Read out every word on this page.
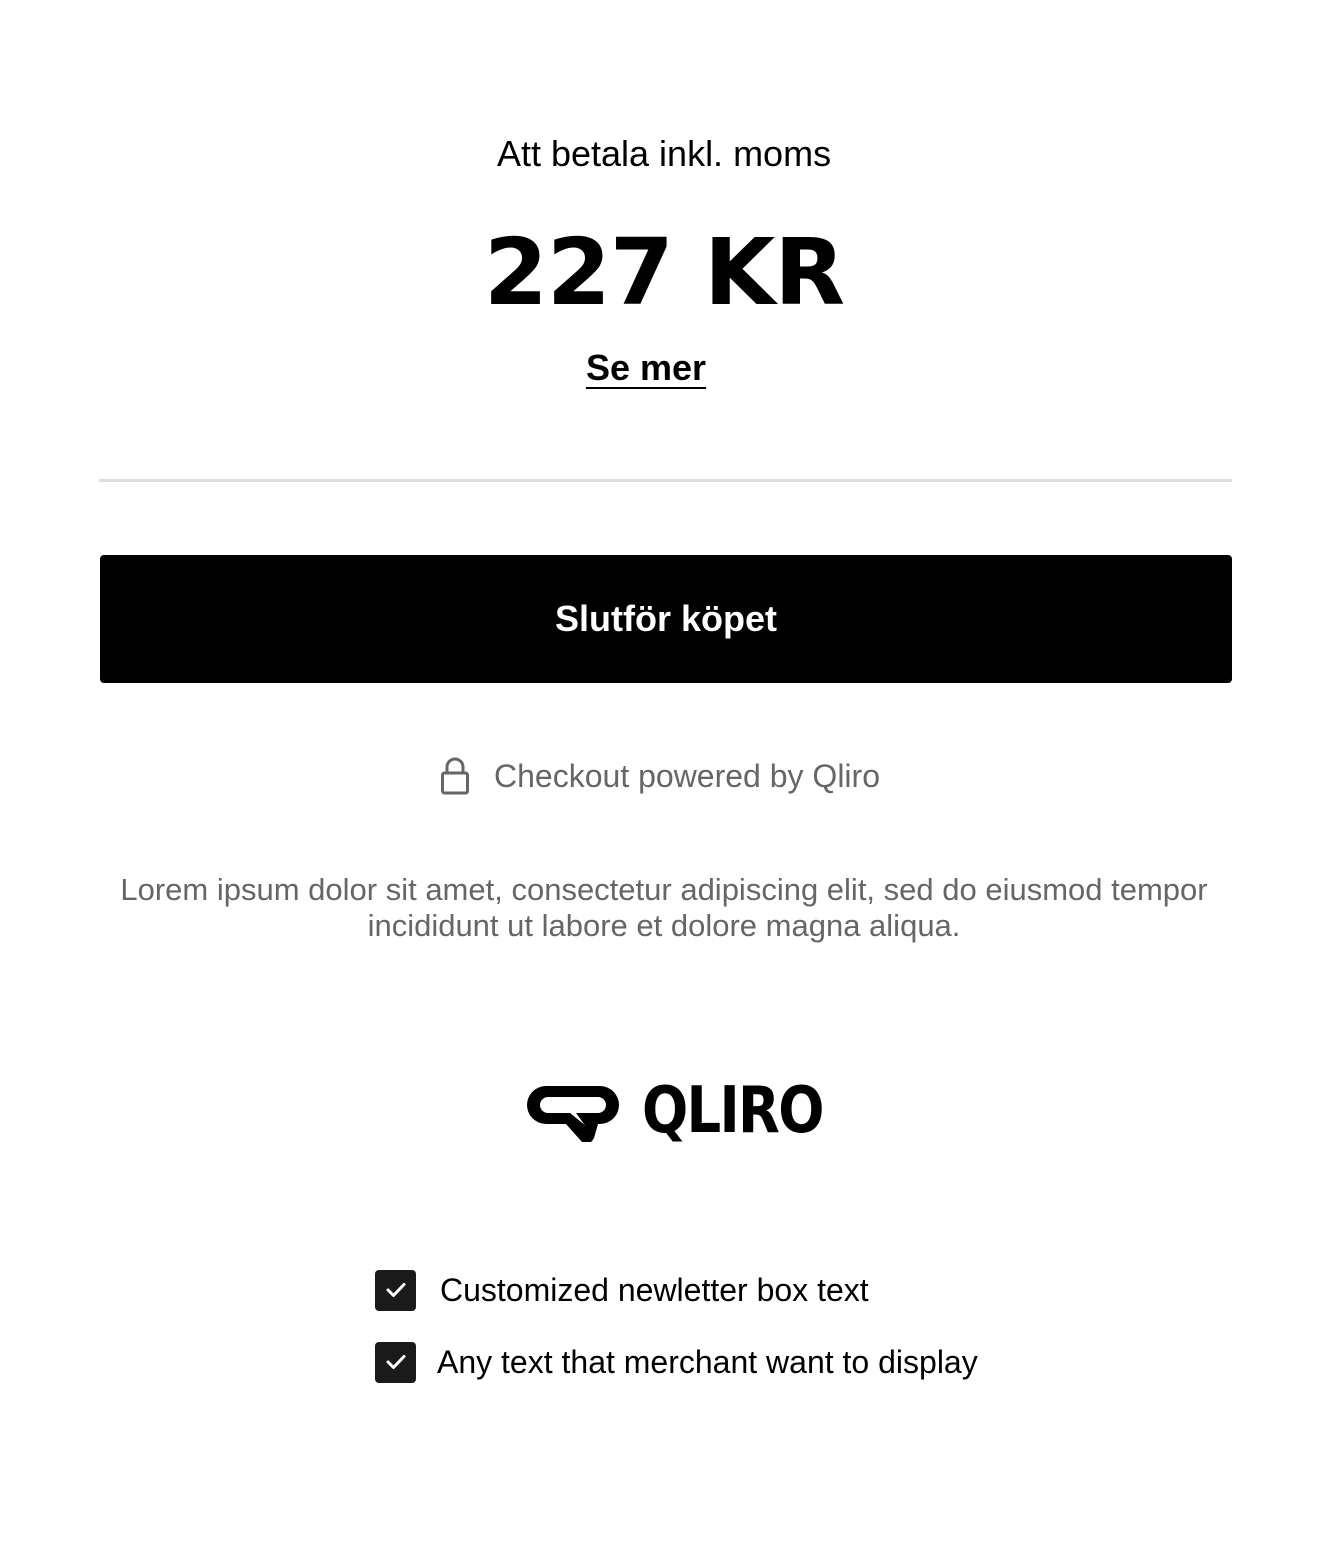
Att betala inkl. moms
227 KR
Se mer
Slutför köpet
Checkout powered by Qliro
Lorem ipsum dolor sit amet, consectetur adipiscing elit, sed do eiusmod tempor incididunt ut labore et dolore magna aliqua.
QLIRO
Customized newletter box text
Any text that merchant want to display
